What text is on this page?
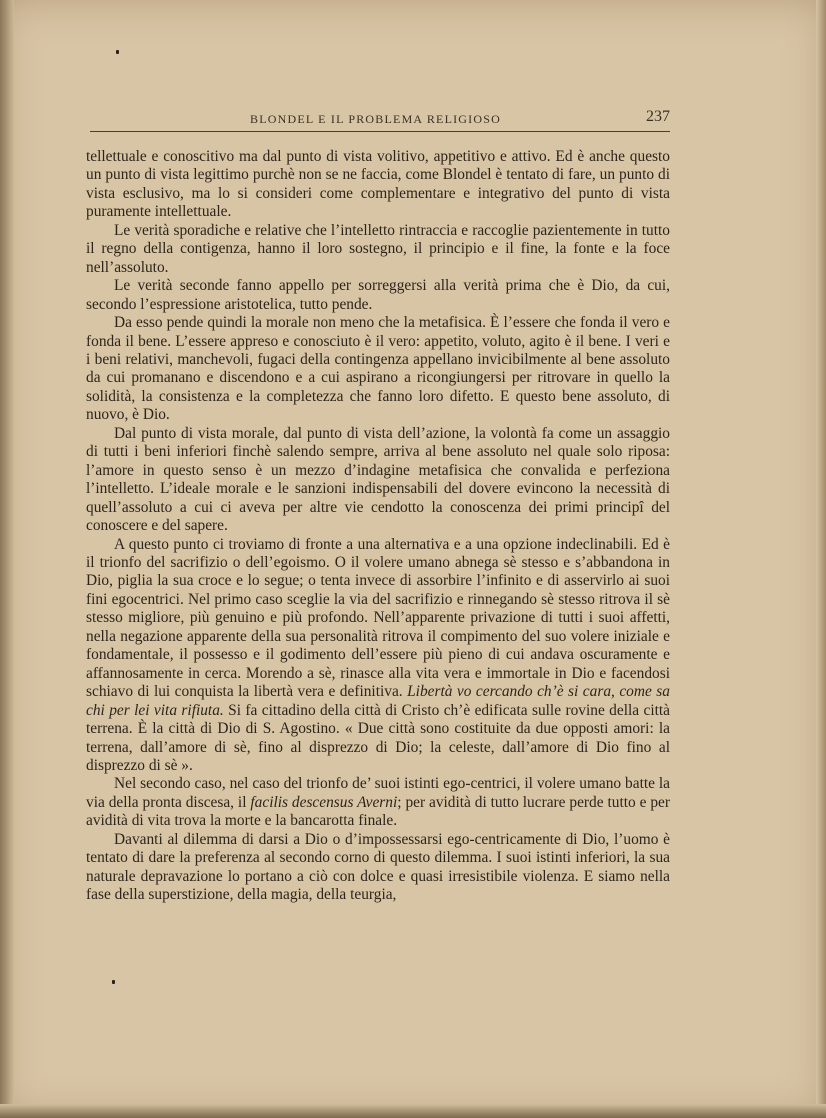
BLONDEL E IL PROBLEMA RELIGIOSO	237

tellettuale e conoscitivo ma dal punto di vista volitivo, appetitivo e attivo. Ed è anche questo un punto di vista legittimo purchè non se ne faccia, come Blondel è tentato di fare, un punto di vista esclusivo, ma lo si consideri come complementare e integrativo del punto di vista puramente intellettuale.

Le verità sporadiche e relative che l’intelletto rintraccia e raccoglie pazientemente in tutto il regno della contigenza, hanno il loro sostegno, il principio e il fine, la fonte e la foce nell’assoluto.

Le verità seconde fanno appello per sorreggersi alla verità prima che è Dio, da cui, secondo l’espressione aristotelica, tutto pende.

Da esso pende quindi la morale non meno che la metafisica. È l’essere che fonda il vero e fonda il bene. L’essere appreso e conosciuto è il vero: appetito, voluto, agito è il bene. I veri e i beni relativi, manchevoli, fugaci della contingenza appellano invicibilmente al bene assoluto da cui promanano e discendono e a cui aspirano a ricongiungersi per ritrovare in quello la solidità, la consistenza e la completezza che fanno loro difetto. E questo bene assoluto, di nuovo, è Dio.

Dal punto di vista morale, dal punto di vista dell’azione, la volontà fa come un assaggio di tutti i beni inferiori finchè salendo sempre, arriva al bene assoluto nel quale solo riposa: l’amore in questo senso è un mezzo d’indagine metafisica che convalida e perfeziona l’intelletto. L’ideale morale e le sanzioni indispensabili del dovere evincono la necessità di quell’assoluto a cui ci aveva per altre vie cendotto la conoscenza dei primi principî del conoscere e del sapere.

A questo punto ci troviamo di fronte a una alternativa e a una opzione indeclinabili. Ed è il trionfo del sacrifizio o dell’egoismo. O il volere umano abnega sè stesso e s’abbandona in Dio, piglia la sua croce e lo segue; o tenta invece di assorbire l’infinito e di asservirlo ai suoi fini egocentrici. Nel primo caso sceglie la via del sacrifizio e rinnegando sè stesso ritrova il sè stesso migliore, più genuino e più profondo. Nell’apparente privazione di tutti i suoi affetti, nella negazione apparente della sua personalità ritrova il compimento del suo volere iniziale e fondamentale, il possesso e il godimento dell’essere più pieno di cui andava oscuramente e affannosamente in cerca. Morendo a sè, rinasce alla vita vera e immortale in Dio e facendosi schiavo di lui conquista la libertà vera e definitiva. Libertà vo cercando ch’è si cara, come sa chi per lei vita rifiuta. Si fa cittadino della città di Cristo ch’è edificata sulle rovine della città terrena. È la città di Dio di S. Agostino. « Due città sono costituite da due opposti amori: la terrena, dall’amore di sè, fino al disprezzo di Dio; la celeste, dall’amore di Dio fino al disprezzo di sè ».

Nel secondo caso, nel caso del trionfo de’ suoi istinti ego-centrici, il volere umano batte la via della pronta discesa, il facilis descensus Averni; per avidità di tutto lucrare perde tutto e per avidità di vita trova la morte e la bancarotta finale.

Davanti al dilemma di darsi a Dio o d’impossessarsi ego-centricamente di Dio, l’uomo è tentato di dare la preferenza al secondo corno di questo dilemma. I suoi istinti inferiori, la sua naturale depravazione lo portano a ciò con dolce e quasi irresistibile violenza. E siamo nella fase della superstizione, della magia, della teurgia,
